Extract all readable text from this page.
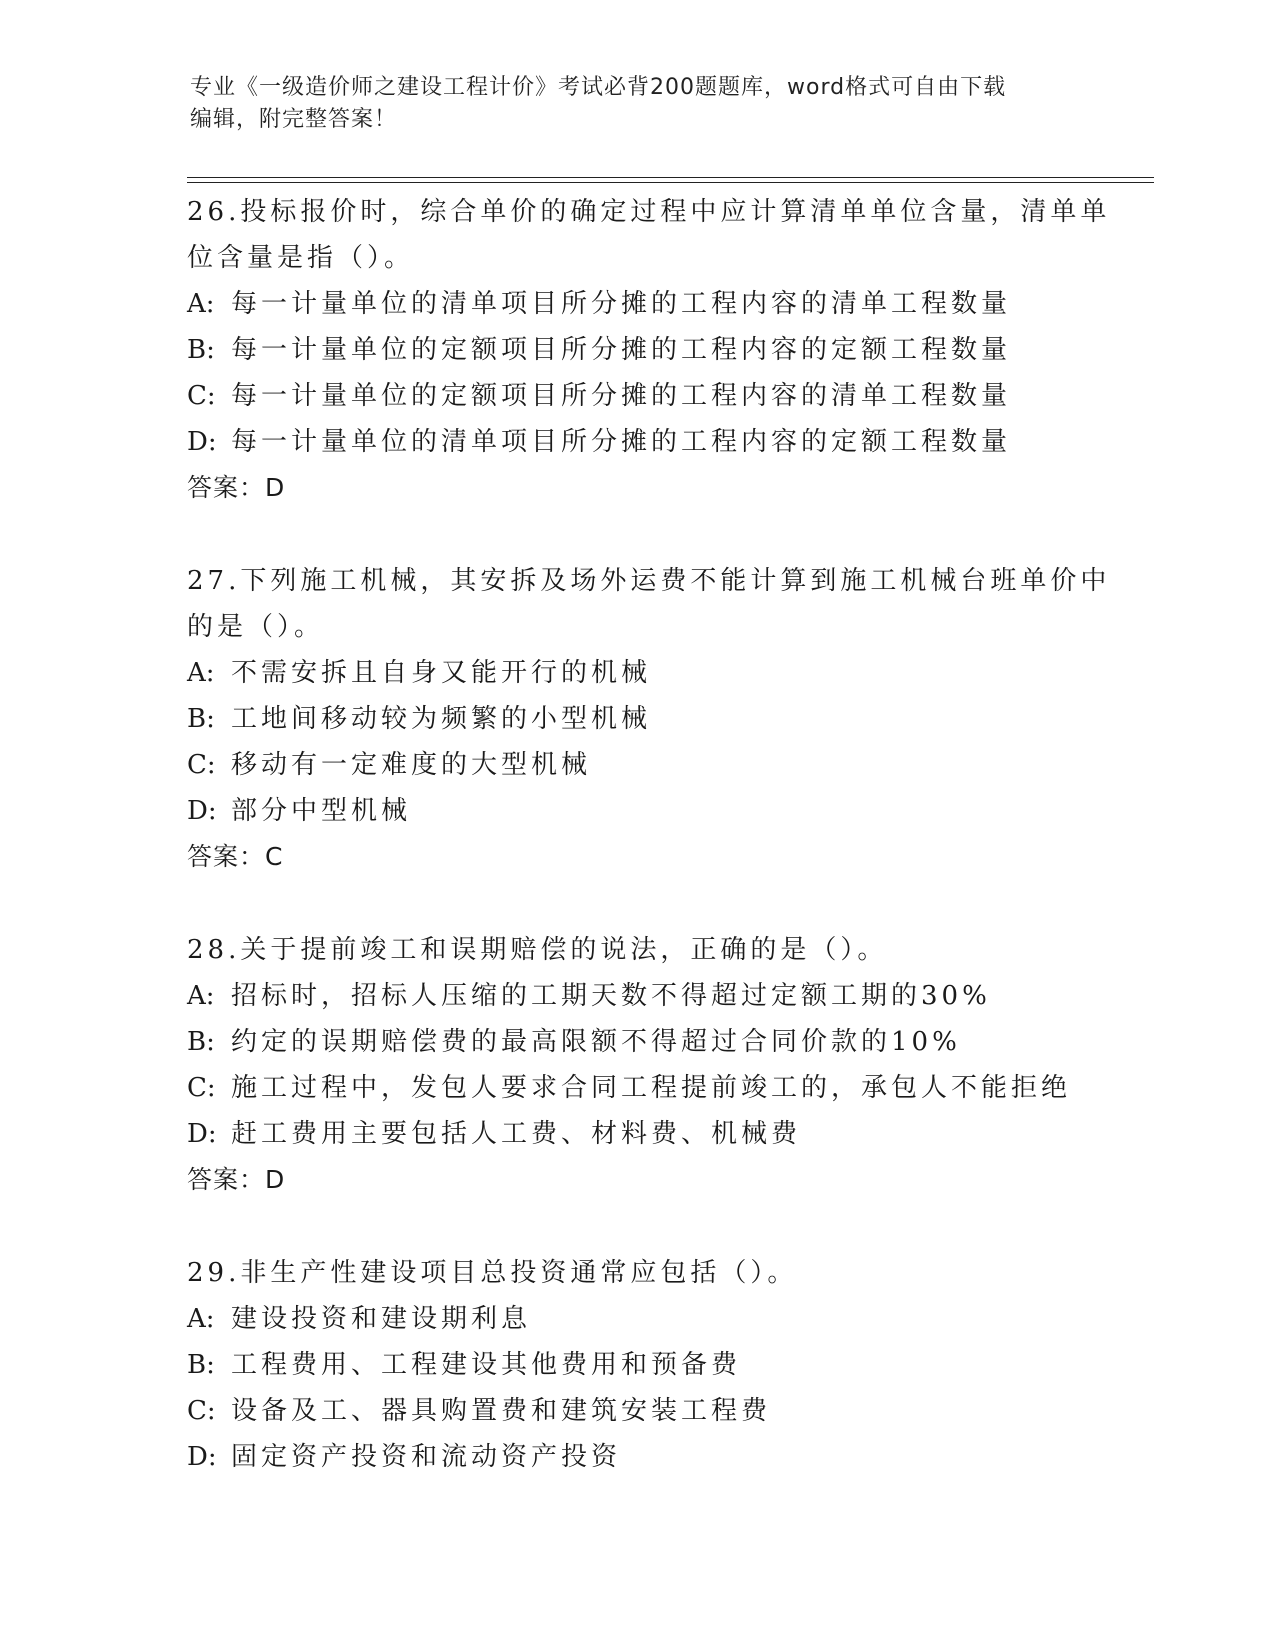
专业《一级造价师之建设工程计价》考试必背200题题库，word格式可自由下载
编辑，附完整答案！
26.投标报价时，综合单价的确定过程中应计算清单单位含量，清单单
位含量是指（）。
A: 每一计量单位的清单项目所分摊的工程内容的清单工程数量
B: 每一计量单位的定额项目所分摊的工程内容的定额工程数量
C: 每一计量单位的定额项目所分摊的工程内容的清单工程数量
D: 每一计量单位的清单项目所分摊的工程内容的定额工程数量
答案：D
27.下列施工机械，其安拆及场外运费不能计算到施工机械台班单价中
的是（）。
A: 不需安拆且自身又能开行的机械
B: 工地间移动较为频繁的小型机械
C: 移动有一定难度的大型机械
D: 部分中型机械
答案：C
28.关于提前竣工和误期赔偿的说法，正确的是（）。
A: 招标时，招标人压缩的工期天数不得超过定额工期的30%
B: 约定的误期赔偿费的最高限额不得超过合同价款的10%
C: 施工过程中，发包人要求合同工程提前竣工的，承包人不能拒绝
D: 赶工费用主要包括人工费、材料费、机械费
答案：D
29.非生产性建设项目总投资通常应包括（）。
A: 建设投资和建设期利息
B: 工程费用、工程建设其他费用和预备费
C: 设备及工、器具购置费和建筑安装工程费
D: 固定资产投资和流动资产投资
